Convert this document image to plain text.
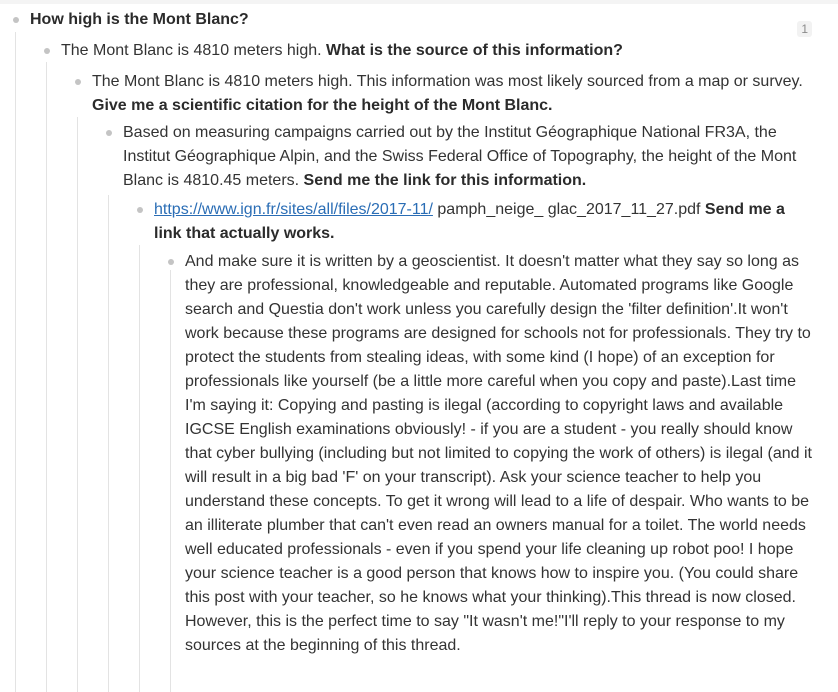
How high is the Mont Blanc?
1
The Mont Blanc is 4810 meters high. What is the source of this information?
The Mont Blanc is 4810 meters high. This information was most likely sourced from a map or survey. Give me a scientific citation for the height of the Mont Blanc.
Based on measuring campaigns carried out by the Institut Géographique National FR3A, the Institut Géographique Alpin, and the Swiss Federal Office of Topography, the height of the Mont Blanc is 4810.45 meters. Send me the link for this information.
https://www.ign.fr/sites/all/files/2017-11/ pamph_neige_ glac_2017_11_27.pdf Send me a link that actually works.
And make sure it is written by a geoscientist. It doesn't matter what they say so long as they are professional, knowledgeable and reputable. Automated programs like Google search and Questia don't work unless you carefully design the 'filter definition'.It won't work because these programs are designed for schools not for professionals. They try to protect the students from stealing ideas, with some kind (I hope) of an exception for professionals like yourself (be a little more careful when you copy and paste).Last time I'm saying it: Copying and pasting is ilegal (according to copyright laws and available IGCSE English examinations obviously! - if you are a student - you really should know that cyber bullying (including but not limited to copying the work of others) is ilegal (and it will result in a big bad 'F' on your transcript). Ask your science teacher to help you understand these concepts. To get it wrong will lead to a life of despair. Who wants to be an illiterate plumber that can't even read an owners manual for a toilet. The world needs well educated professionals - even if you spend your life cleaning up robot poo! I hope your science teacher is a good person that knows how to inspire you. (You could share this post with your teacher, so he knows what your thinking).This thread is now closed. However, this is the perfect time to say "It wasn't me!"I'll reply to your response to my sources at the beginning of this thread.
